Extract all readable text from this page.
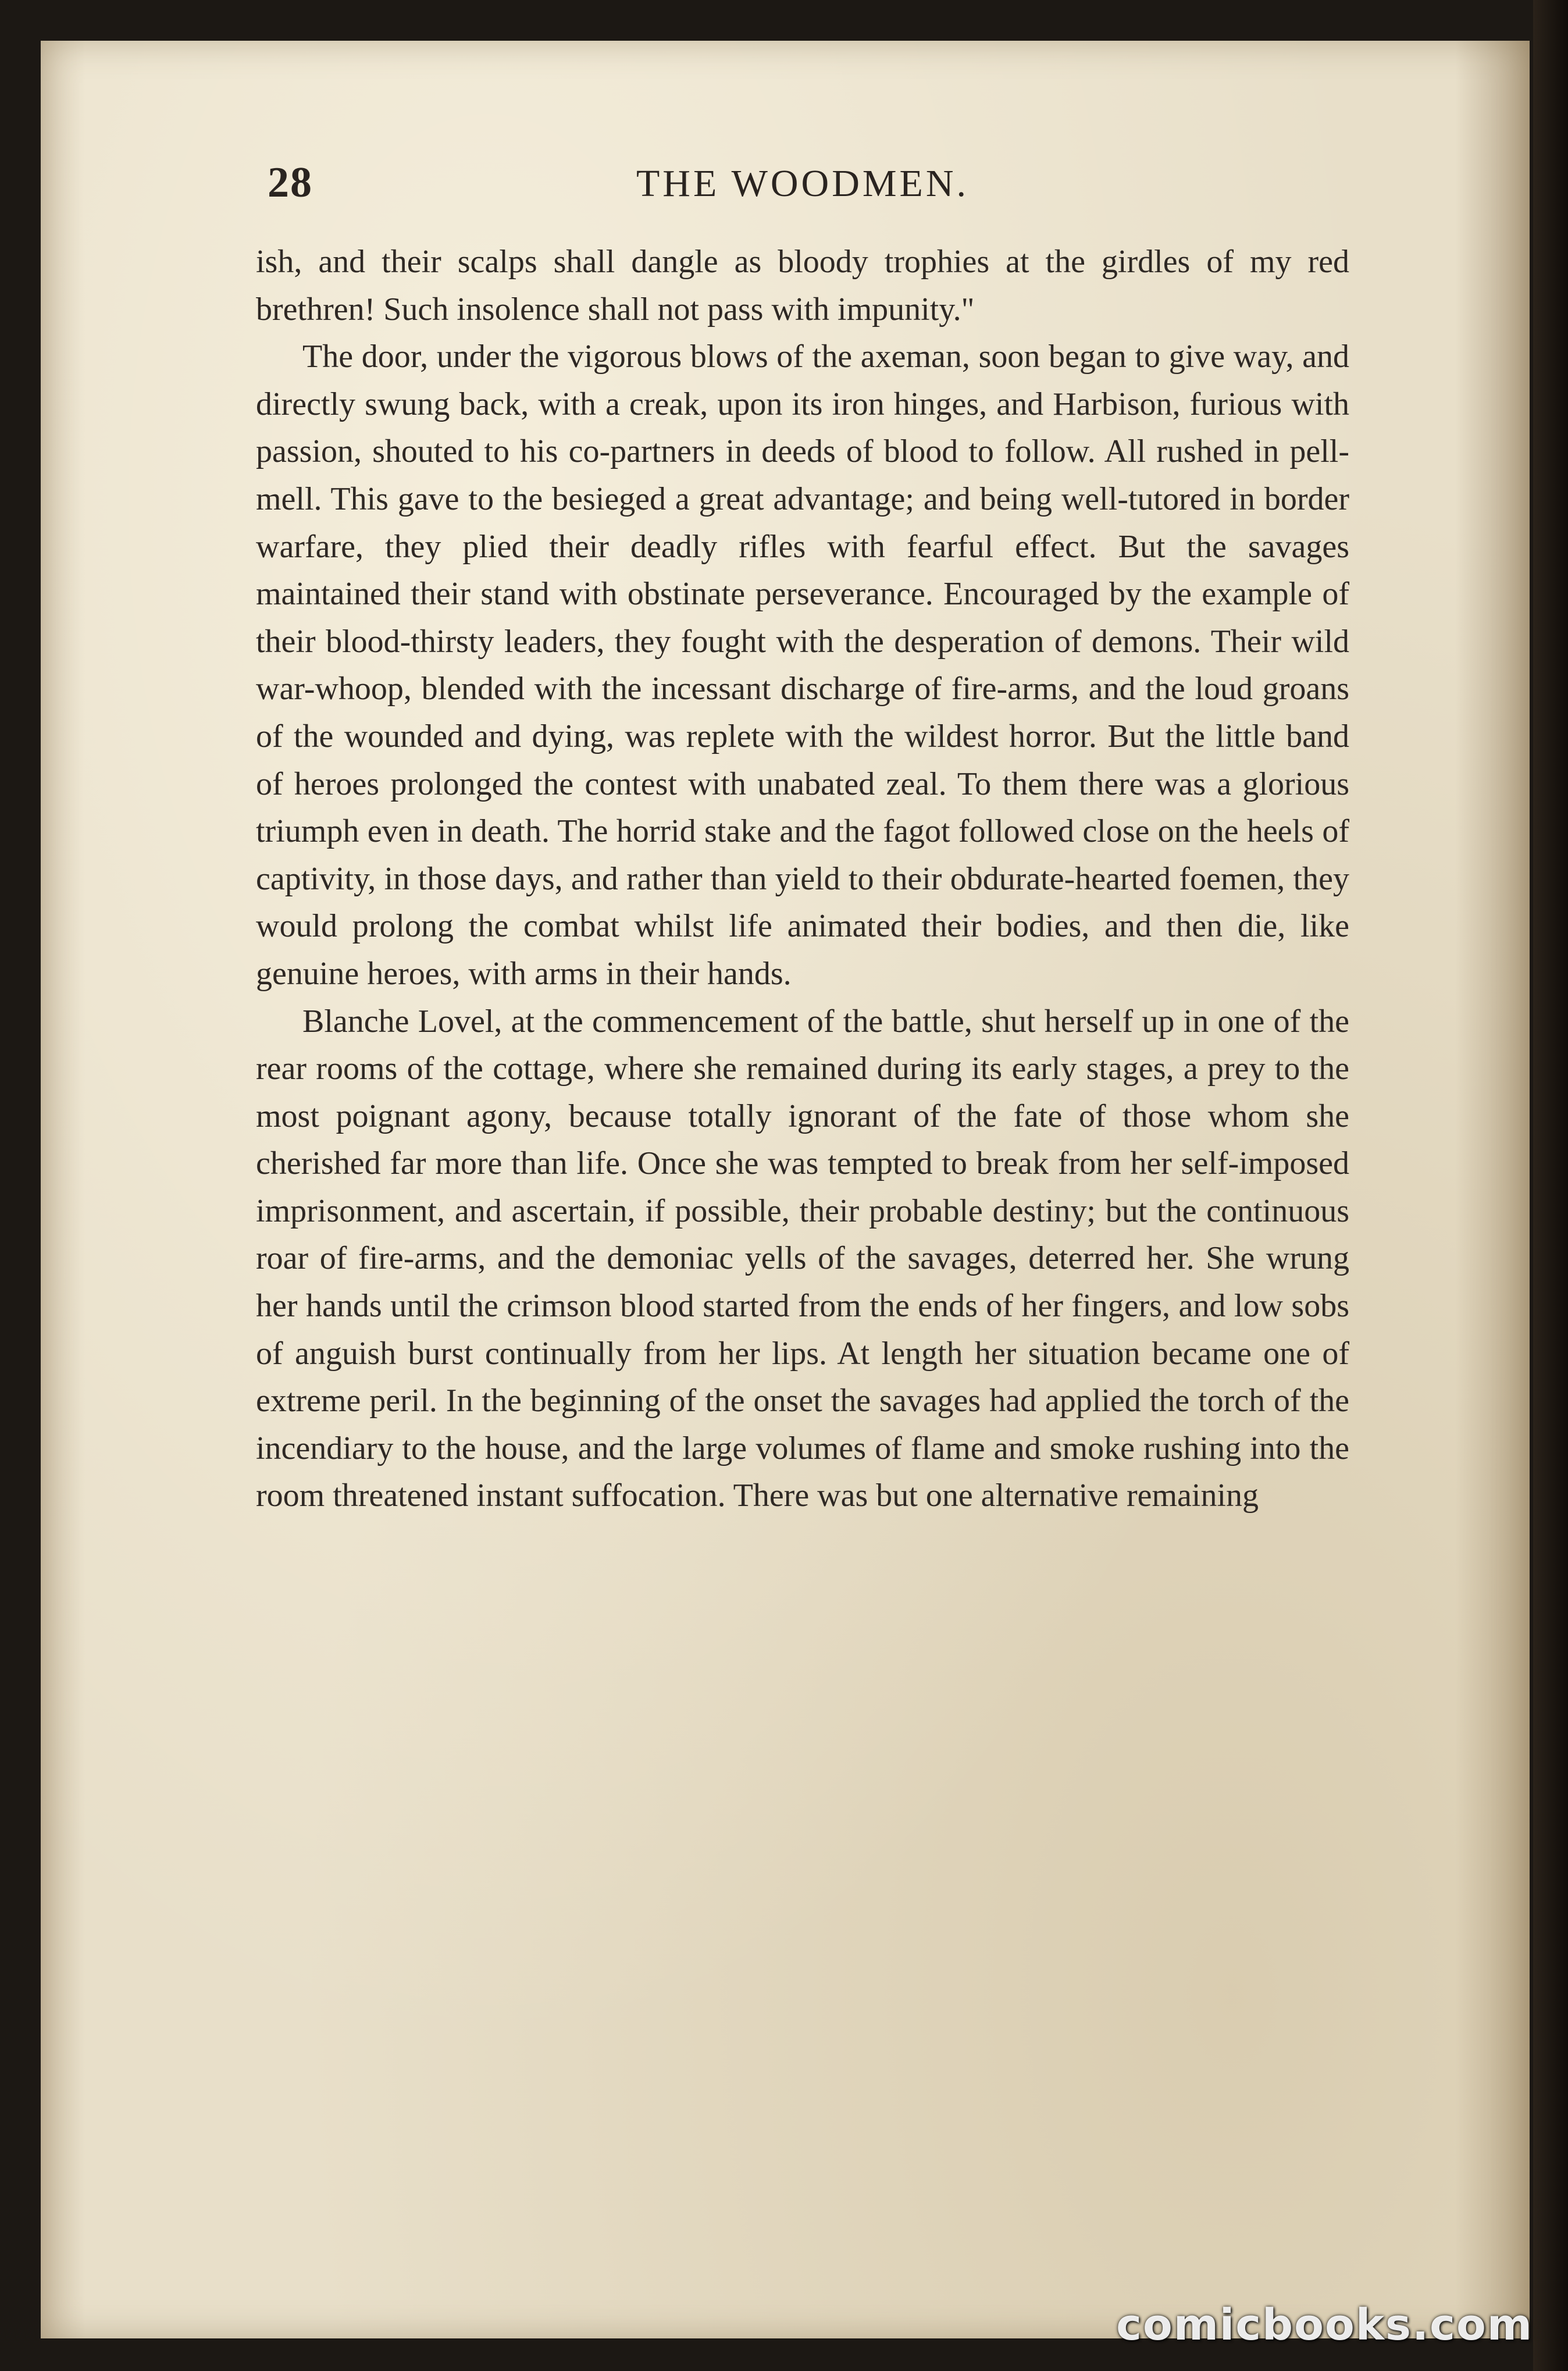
28	THE WOODMEN.

ish, and their scalps shall dangle as bloody trophies at the girdles of my red brethren! Such insolence shall not pass with impunity."

The door, under the vigorous blows of the axeman, soon began to give way, and directly swung back, with a creak, upon its iron hinges, and Harbison, furious with passion, shouted to his co-partners in deeds of blood to follow. All rushed in pell-mell. This gave to the besieged a great advantage; and being well-tutored in border warfare, they plied their deadly rifles with fearful effect. But the savages maintained their stand with obstinate perseverance. Encouraged by the example of their blood-thirsty leaders, they fought with the desperation of demons. Their wild war-whoop, blended with the incessant discharge of fire-arms, and the loud groans of the wounded and dying, was replete with the wildest horror. But the little band of heroes prolonged the contest with unabated zeal. To them there was a glorious triumph even in death. The horrid stake and the fagot followed close on the heels of captivity, in those days, and rather than yield to their obdurate-hearted foemen, they would prolong the combat whilst life animated their bodies, and then die, like genuine heroes, with arms in their hands.

Blanche Lovel, at the commencement of the battle, shut herself up in one of the rear rooms of the cottage, where she remained during its early stages, a prey to the most poignant agony, because totally ignorant of the fate of those whom she cherished far more than life. Once she was tempted to break from her self-imposed imprisonment, and ascertain, if possible, their probable destiny; but the continuous roar of fire-arms, and the demoniac yells of the savages, deterred her. She wrung her hands until the crimson blood started from the ends of her fingers, and low sobs of anguish burst continually from her lips. At length her situation became one of extreme peril. In the beginning of the onset the savages had applied the torch of the incendiary to the house, and the large volumes of flame and smoke rushing into the room threatened instant suffocation. There was but one alternative remaining

comicbooks.com
